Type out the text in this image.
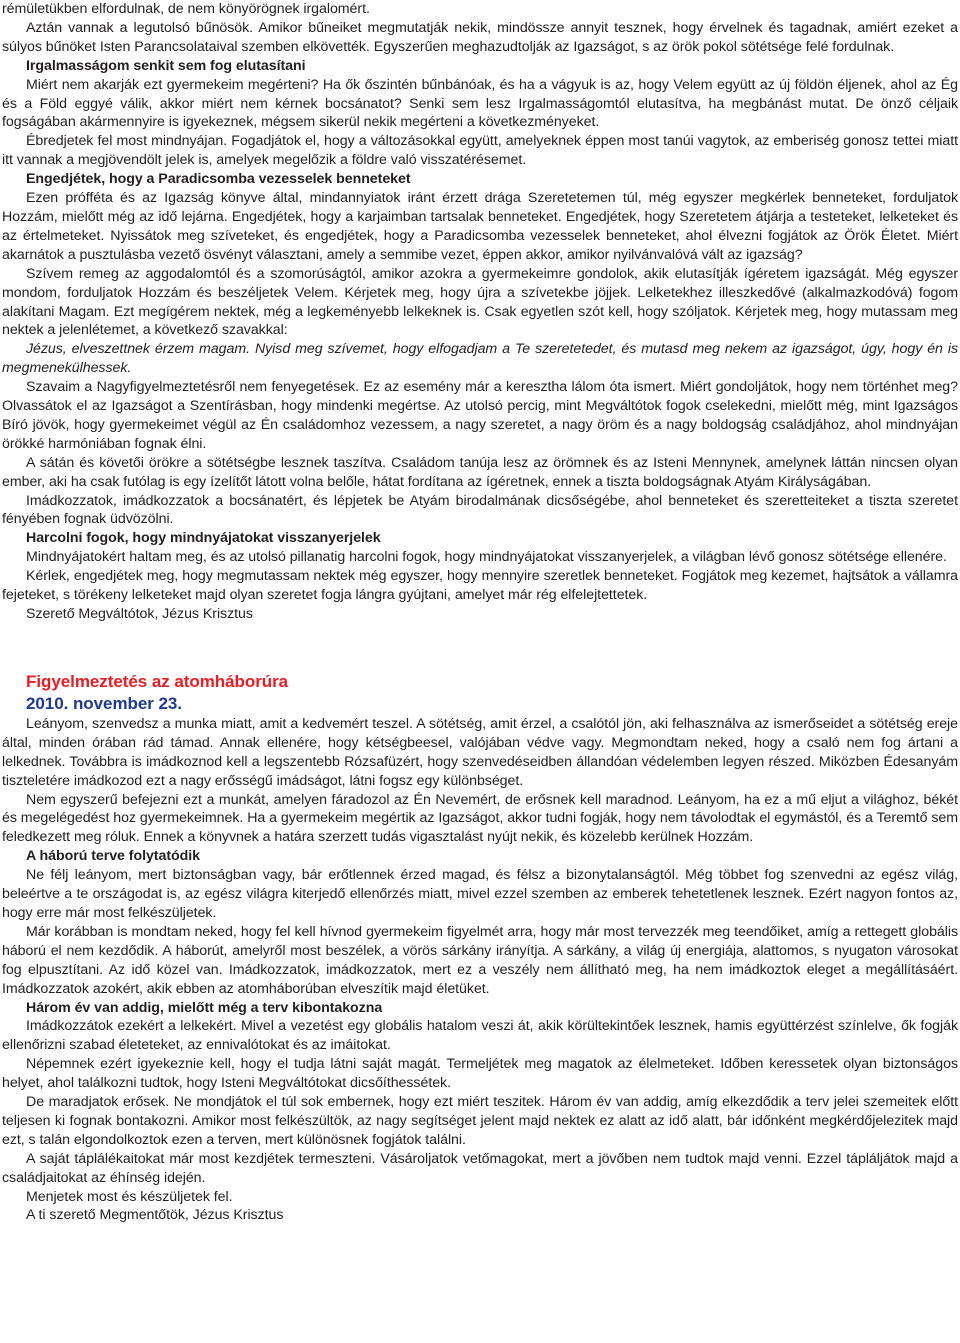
rémületükben elfordulnak, de nem könyörögnek irgalomért.

Aztán vannak a legutolsó bűnösök. Amikor bűneiket megmutatják nekik, mindössze annyit tesznek, hogy érvelnek és tagadnak, amiért ezeket a súlyos bűnöket Isten Parancsolataival szemben elkövették. Egyszerűen meghazudtolják az Igazságot, s az örök pokol sötétsége felé fordulnak.

Irgalmasságom senkit sem fog elutasítani

Miért nem akarják ezt gyermekeim megérteni? Ha ők őszintén bűnbánóak, és ha a vágyuk is az, hogy Velem együtt az új földön éljenek, ahol az Ég és a Föld eggyé válik, akkor miért nem kérnek bocsánatot? Senki sem lesz Irgalmasságomtól elutasítva, ha megbánást mutat. De önző céljaik fogságában akármennyire is igyekeznek, mégsem sikerül nekik megérteni a következményeket.

Ébredjetek fel most mindnyájan. Fogadjátok el, hogy a változásokkal együtt, amelyeknek éppen most tanúi vagytok, az emberiség gonosz tettei miatt itt vannak a megjövendölt jelek is, amelyek megelőzik a földre való visszatérésemet.

Engedjétek, hogy a Paradicsomba vezesselek benneteket

Ezen prófféta és az Igazság könyve által, mindannyiatok iránt érzett drága Szeretetemen túl, még egyszer megkérlek benneteket, forduljatok Hozzám, mielőtt még az idő lejárna. Engedjétek, hogy a karjaimban tartsalak benneteket. Engedjétek, hogy Szeretetem átjárja a testeteket, lelketeket és az értelmeteket. Nyissátok meg szíveteket, és engedjétek, hogy a Paradicsomba vezesselek benneteket, ahol élvezni fogjátok az Örök Életet. Miért akarnátok a pusztulásba vezető ösvényt választani, amely a semmibe vezet, éppen akkor, amikor nyilvánvalóvá vált az igazság?

Szívem remeg az aggodalomtól és a szomorúságtól, amikor azokra a gyermekeimre gondolok, akik elutasítják ígéretem igazságát. Még egyszer mondom, forduljatok Hozzám és beszéljetek Velem. Kérjetek meg, hogy újra a szívetekbe jöjjek. Lelketekhez illeszkedővé (alkalmazkodóvá) fogom alakítani Magam. Ezt megígérem nektek, még a legkeményebb lelkeknek is. Csak egyetlen szót kell, hogy szóljatok. Kérjetek meg, hogy mutassam meg nektek a jelenlétemet, a következő szavakkal:

Jézus, elveszettnek érzem magam. Nyisd meg szívemet, hogy elfogadjam a Te szeretetedet, és mutasd meg nekem az igazságot, úgy, hogy én is megmenekülhessek.

Szavaim a Nagyfigyelmeztetésről nem fenyegetések. Ez az esemény már a keresztha lálom óta ismert. Miért gondoljátok, hogy nem történhet meg? Olvassátok el az Igazságot a Szentírásban, hogy mindenki megértse. Az utolsó percig, mint Megváltótok fogok cselekedni, mielőtt még, mint Igazságos Bíró jövök, hogy gyermekeimet végül az Én családomhoz vezessem, a nagy szeretet, a nagy öröm és a nagy boldogság családjához, ahol mindnyájan örökké harmóniában fognak élni.

A sátán és követői örökre a sötétségbe lesznek taszítva. Családom tanúja lesz az örömnek és az Isteni Mennynek, amelynek láttán nincsen olyan ember, aki ha csak futólag is egy ízelítőt látott volna belőle, hátat fordítana az ígéretnek, ennek a tiszta boldogságnak Atyám Királyságában.

Imádkozzatok, imádkozzatok a bocsánatért, és lépjetek be Atyám birodalmának dicsőségébe, ahol benneteket és szeretteiteket a tiszta szeretet fényében fognak üdvözölni.

Harcolni fogok, hogy mindnyájatokat visszanyerjelek

Mindnyájatokért haltam meg, és az utolsó pillanatig harcolni fogok, hogy mindnyájatokat visszanyerjelek, a világban lévő gonosz sötétsége ellenére.

Kérlek, engedjétek meg, hogy megmutassam nektek még egyszer, hogy mennyire szeretlek benneteket. Fogjátok meg kezemet, hajtsátok a vállamra fejeteket, s törékeny lelketeket majd olyan szeretet fogja lángra gyújtani, amelyet már rég elfelejtettetek.

Szerető Megváltótok, Jézus Krisztus
Figyelmeztetés az atomháborúra
2010. november 23.

Leányom, szenvedsz a munka miatt, amit a kedvemért teszel. A sötétség, amit érzel, a csalótól jön, aki felhasználva az ismerőseidet a sötétség ereje által, minden órában rád támad. Annak ellenére, hogy kétségbeesel, valójában védve vagy. Megmondtam neked, hogy a csaló nem fog ártani a lelkednek. Továbbra is imádkoznod kell a legszentebb Rózsafüzért, hogy szenvedéseidben állandóan védelemben legyen részed. Miközben Édesanyám tiszteletére imádkozod ezt a nagy erősségű imádságot, látni fogsz egy különbséget.

Nem egyszerű befejezni ezt a munkát, amelyen fáradozol az Én Nevemért, de erősnek kell maradnod. Leányom, ha ez a mű eljut a világhoz, békét és megelégedést hoz gyermekeimnek. Ha a gyermekeim megértik az Igazságot, akkor tudni fogják, hogy nem távolodtak el egymástól, és a Teremtő sem feledkezett meg róluk. Ennek a könyvnek a határa szerzett tudás vigasztalást nyújt nekik, és közelebb kerülnek Hozzám.

A háború terve folytatódik

Ne félj leányom, mert biztonságban vagy, bár erőtlennek érzed magad, és félsz a bizonytalanságtól. Még többet fog szenvedni az egész világ, beleértve a te országodat is, az egész világra kiterjedő ellenőrzés miatt, mivel ezzel szemben az emberek tehetetlenek lesznek. Ezért nagyon fontos az, hogy erre már most felkészüljetek.

Már korábban is mondtam neked, hogy fel kell hívnod gyermekeim figyelmét arra, hogy már most tervezzék meg teendőiket, amíg a rettegett globális háború el nem kezdődik. A háborút, amelyről most beszélek, a vörös sárkány irányítja. A sárkány, a világ új energiája, alattomos, s nyugaton városokat fog elpusztítani. Az idő közel van. Imádkozzatok, imádkozzatok, mert ez a veszély nem állítható meg, ha nem imádkoztok eleget a megállításáért. Imádkozzatok azokért, akik ebben az atomháborúban elveszítik majd életüket.

Három év van addig, mielőtt még a terv kibontakozna

Imádkozzátok ezekért a lelkekért. Mivel a vezetést egy globális hatalom veszi át, akik körültekintőek lesznek, hamis együttérzést színlelve, ők fogják ellenőrizni szabad életeteket, az ennivalótokat és az imáitokat.

Népemnek ezért igyekeznie kell, hogy el tudja látni saját magát. Termeljétek meg magatok az élelmeteket. Időben keressetek olyan biztonságos helyet, ahol találkozni tudtok, hogy Isteni Megváltótokat dicsőíthessétek.

De maradjatok erősek. Ne mondjátok el túl sok embernek, hogy ezt miért teszitek. Három év van addig, amíg elkezdődik a terv jelei szemeitek előtt teljesen ki fognak bontakozni. Amikor most felkészültök, az nagy segítséget jelent majd nektek ez alatt az idő alatt, bár időnként megkérdőjelezitek majd ezt, s talán elgondolkoztok ezen a terven, mert különösnek fogjátok találni.

A saját táplálékaitokat már most kezdjétek termeszteni. Vásároljatok vetőmagokat, mert a jövőben nem tudtok majd venni. Ezzel tápláljátok majd a családjaitokat az éhínség idején.

Menjetek most és készüljetek fel.
A ti szerető Megmentőtök, Jézus Krisztus
